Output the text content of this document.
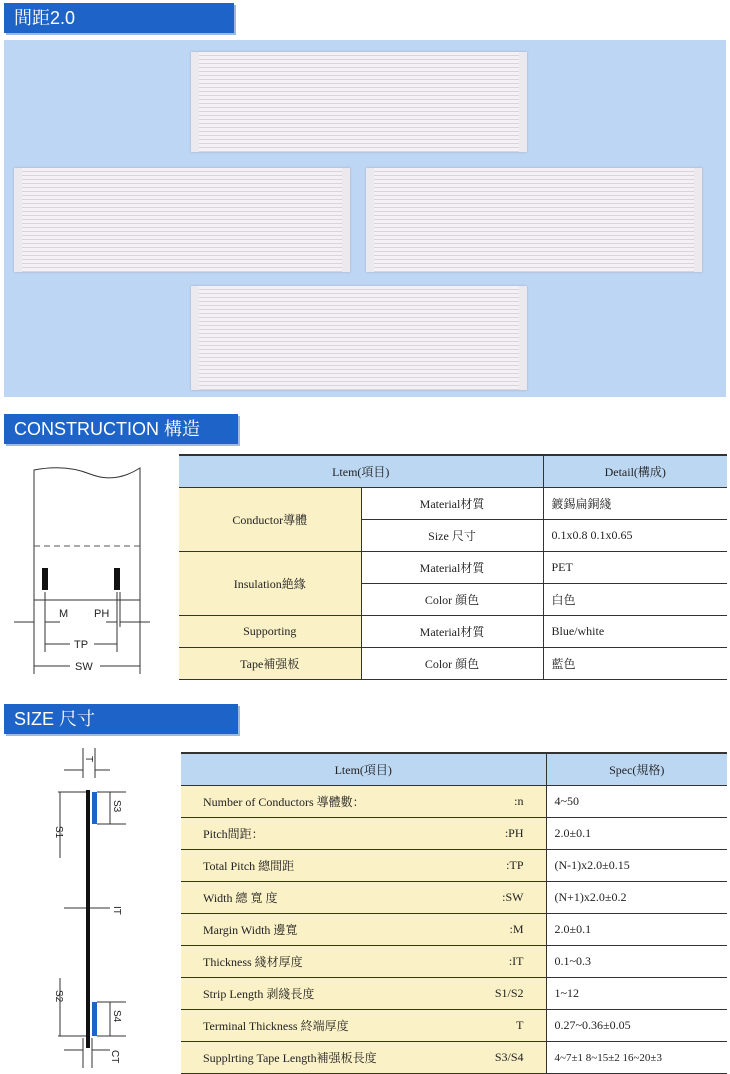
間距2.0
CONSTRUCTION 構造
M PH
TP
SW
Ltem(項目)		Detail(構成)
Conductor導體	Material材質	鍍錫扁銅綫
	Size 尺寸	0.1x0.8 0.1x0.65
Insulation絶緣	Material材質	PET
	Color 顔色	白色
Supporting	Material材質	Blue/white
Tape補强板	Color 顔色	藍色
SIZE 尺寸
T
S1
S3
IT
S2
S4
CT
Ltem(項目)		Spec(規格)
Number of Conductors 導體數：	:n	4~50
Pitch間距：	:PH	2.0±0.1
Total Pitch 總間距	:TP	(N-1)x2.0±0.15
Width 總 寬 度	:SW	(N+1)x2.0±0.2
Margin Width 邊寬	:M	2.0±0.1
Thickness 綫材厚度	:IT	0.1~0.3
Strip Length 剥綫長度	S1/S2	1~12
Terminal Thickness 終端厚度	T	0.27~0.36±0.05
Supplrting Tape Length補强板長度	S3/S4	4~7±1 8~15±2 16~20±3
